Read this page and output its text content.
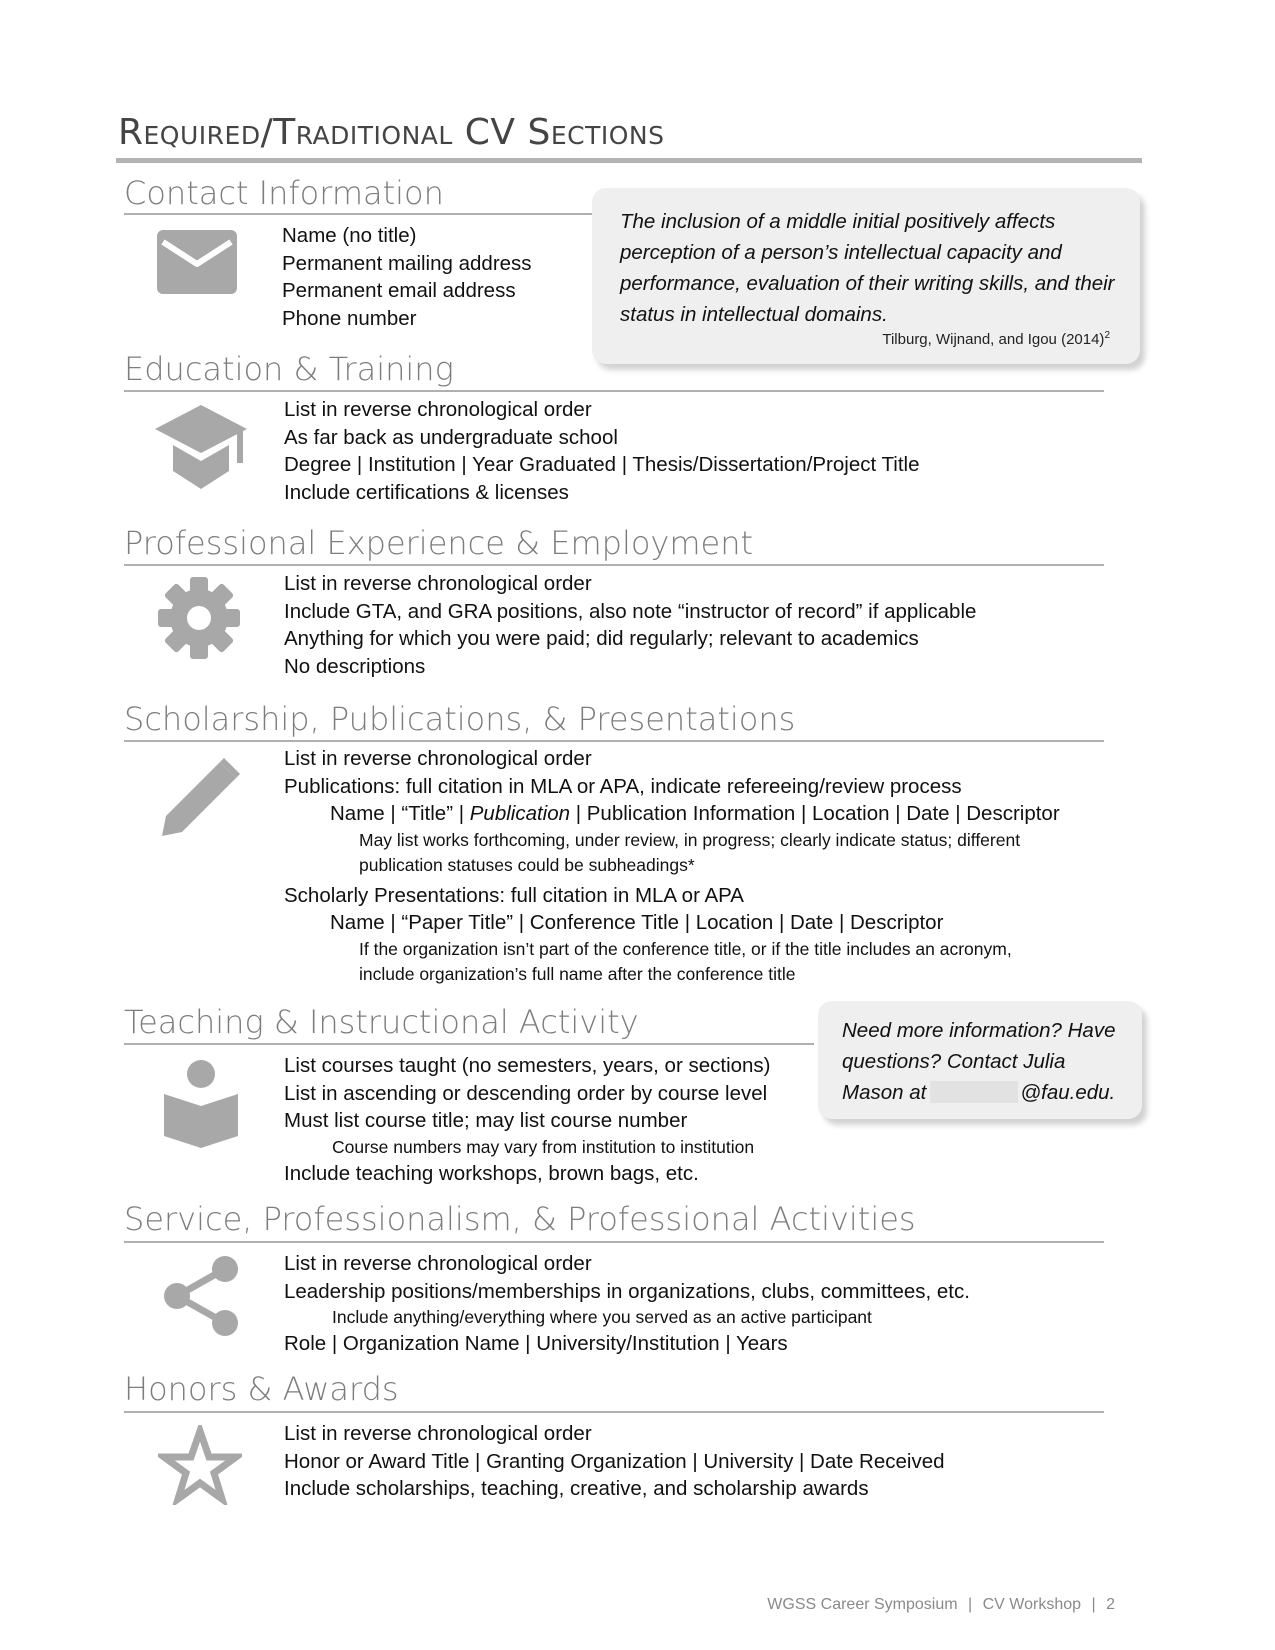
Required/Traditional CV Sections
Contact Information
Name (no title)
Permanent mailing address
Permanent email address
Phone number
The inclusion of a middle initial positively affects
perception of a person’s intellectual capacity and
performance, evaluation of their writing skills, and their
status in intellectual domains.
Tilburg, Wijnand, and Igou $(2014)^2$
Education & Training
List in reverse chronological order
As far back as undergraduate school
Degree | Institution | Year Graduated | Thesis/Dissertation/Project Title
Include certifications & licenses
Professional Experience & Employment
List in reverse chronological order
Include GTA, and GRA positions, also note “instructor of record” if applicable
Anything for which you were paid; did regularly; relevant to academics
No descriptions
Scholarship, Publications, & Presentations
List in reverse chronological order
Publications: full citation in MLA or APA, indicate refereeing/review process
Name | “Title” | Publication | Publication Information | Location | Date | Descriptor
May list works forthcoming, under review, in progress; clearly indicate status; different
publication statuses could be subheadings*
Scholarly Presentations: full citation in MLA or APA
Name | “Paper Title” | Conference Title | Location | Date | Descriptor
If the organization isn’t part of the conference title, or if the title includes an acronym,
include organization’s full name after the conference title
Teaching & Instructional Activity
List courses taught (no semesters, years, or sections)
List in ascending or descending order by course level
Must list course title; may list course number
Course numbers may vary from institution to institution
Include teaching workshops, brown bags, etc.
Need more information? Have
questions? Contact Julia
Mason at	@fau.edu.
Service, Professionalism, & Professional Activities
List in reverse chronological order
Leadership positions/memberships in organizations, clubs, committees, etc.
Include anything/everything where you served as an active participant
Role | Organization Name | University/Institution | Years
Honors & Awards
List in reverse chronological order
Honor or Award Title | Granting Organization | University | Date Received
Include scholarships, teaching, creative, and scholarship awards
WGSS Career Symposium | CV Workshop | 2
